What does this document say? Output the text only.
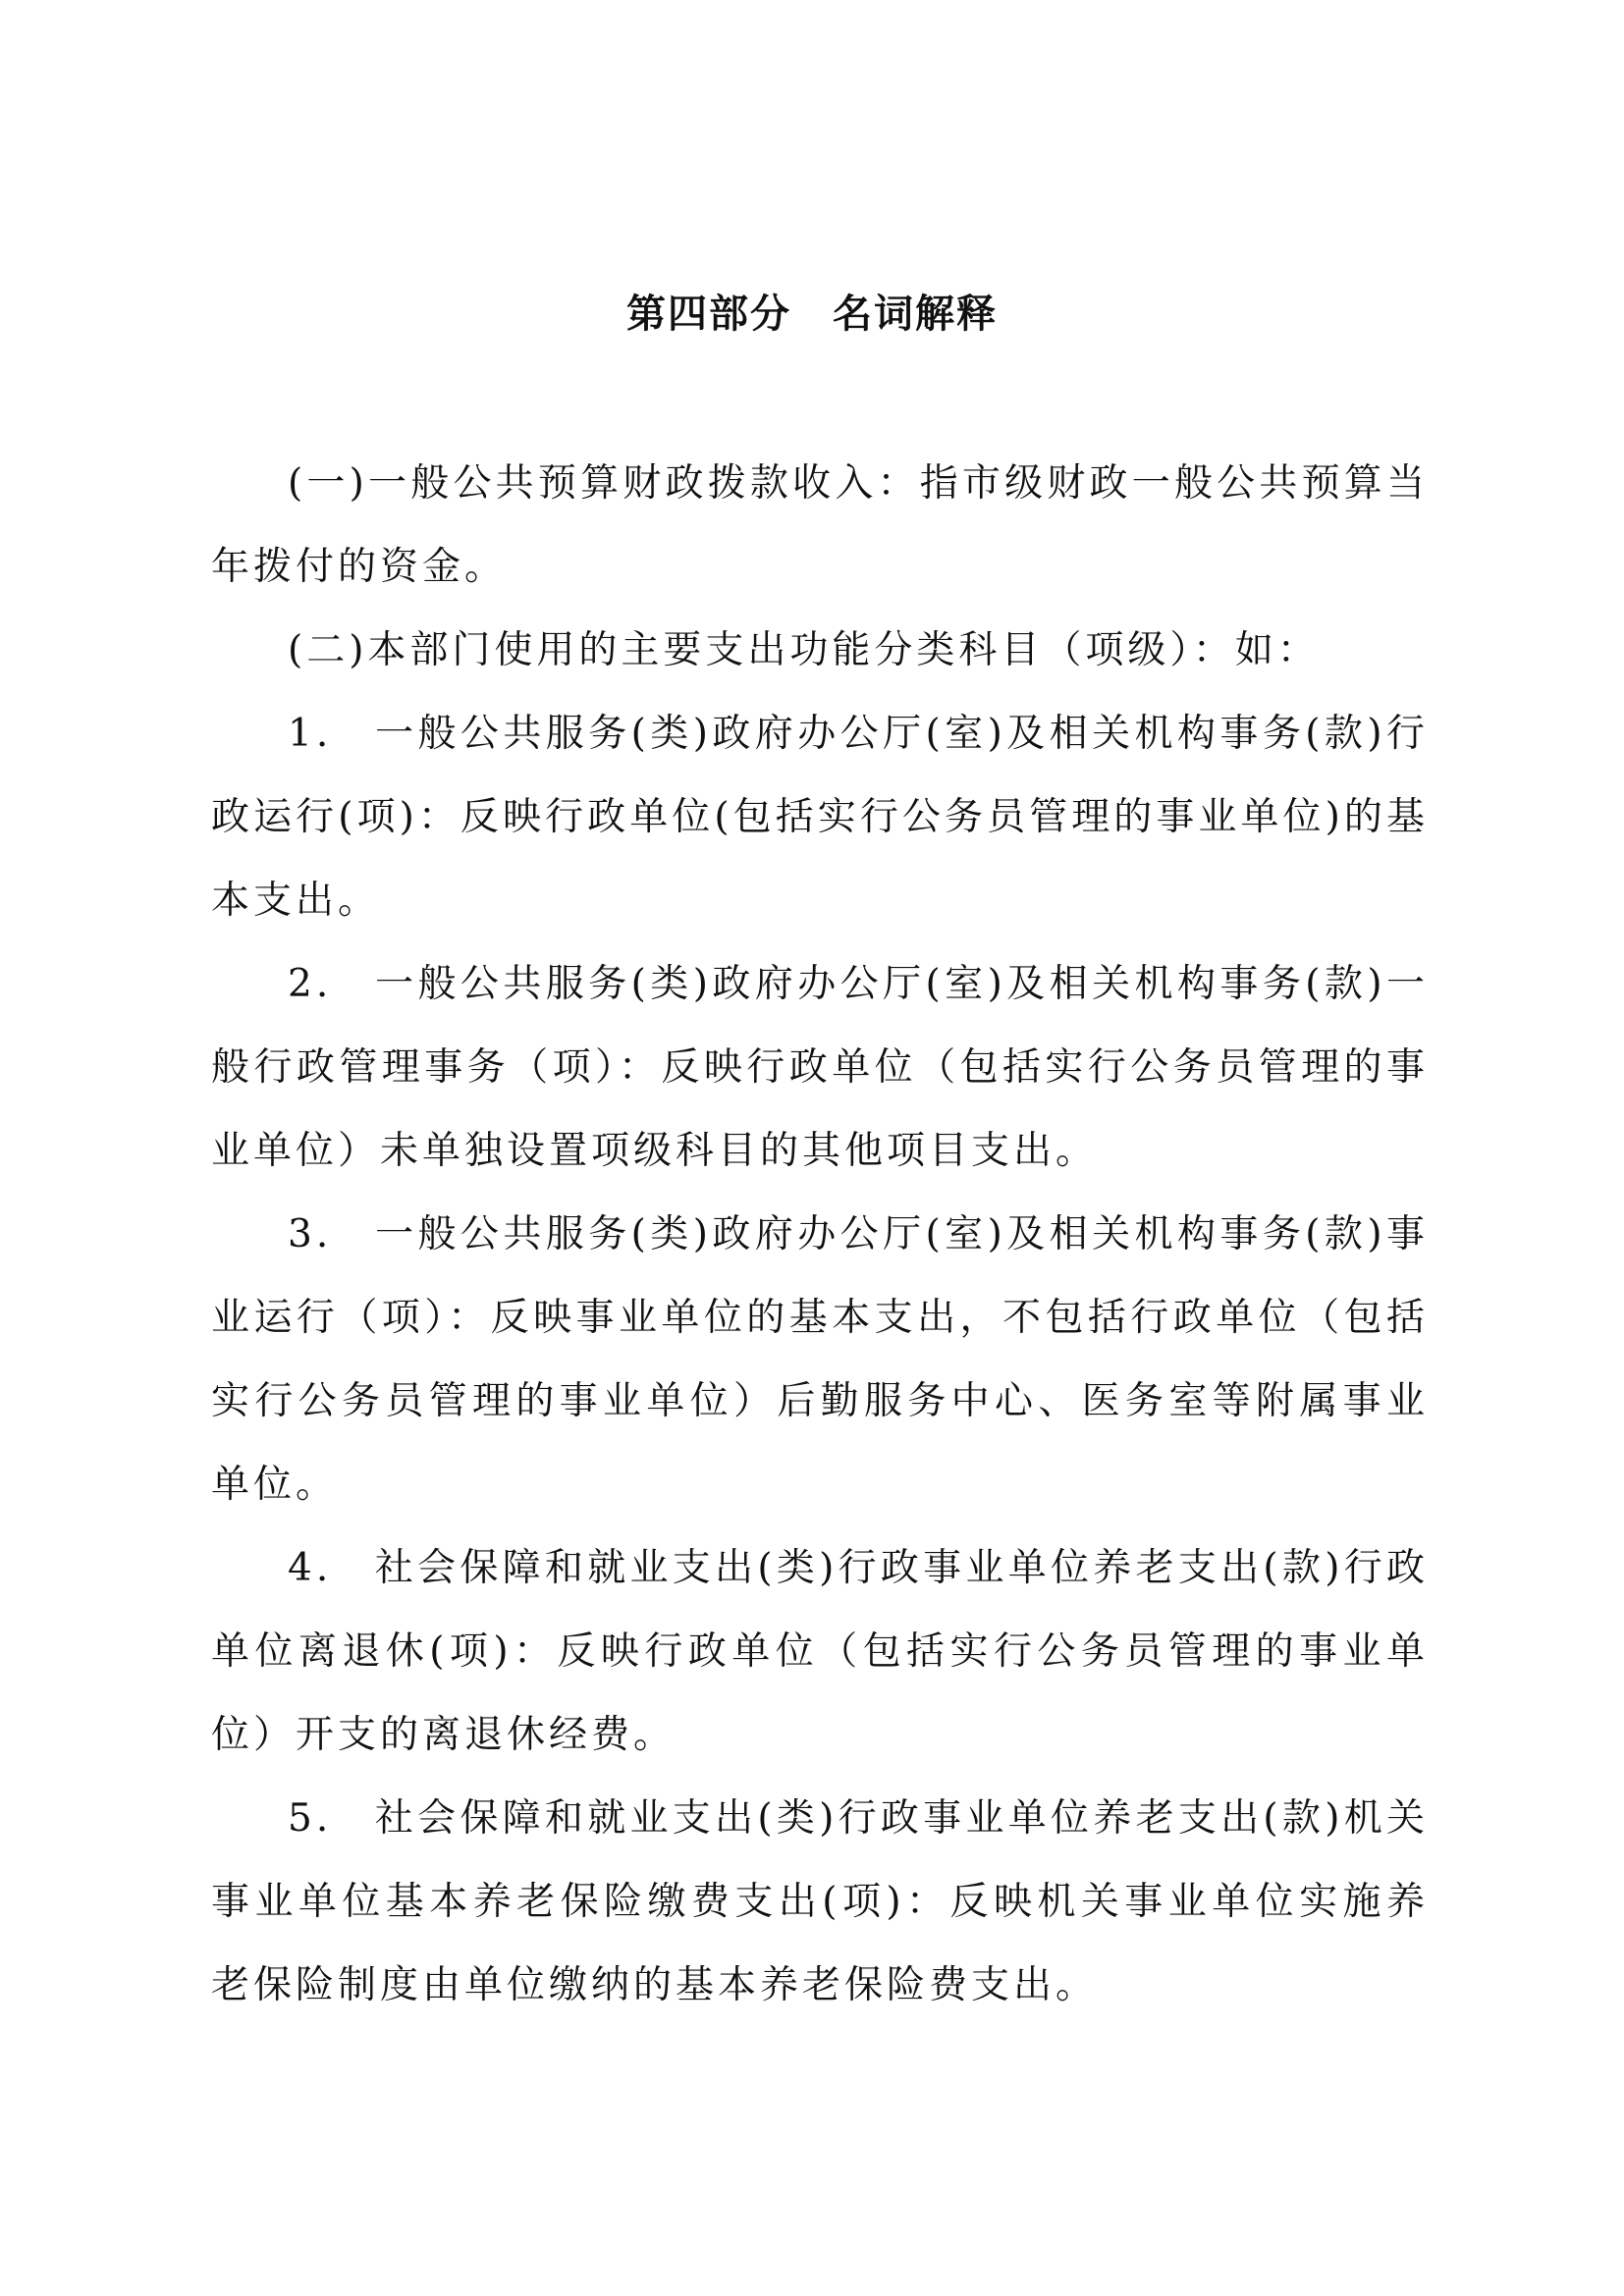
第四部分　名词解释

(一)一般公共预算财政拨款收入：指市级财政一般公共预算当年拨付的资金。

(二)本部门使用的主要支出功能分类科目（项级）：如：

1.　一般公共服务(类)政府办公厅(室)及相关机构事务(款)行政运行(项)：反映行政单位(包括实行公务员管理的事业单位)的基本支出。

2.　一般公共服务(类)政府办公厅(室)及相关机构事务(款)一般行政管理事务（项）：反映行政单位（包括实行公务员管理的事业单位）未单独设置项级科目的其他项目支出。

3.　一般公共服务(类)政府办公厅(室)及相关机构事务(款)事业运行（项）：反映事业单位的基本支出，不包括行政单位（包括实行公务员管理的事业单位）后勤服务中心、医务室等附属事业单位。

4.　社会保障和就业支出(类)行政事业单位养老支出(款)行政单位离退休(项)：反映行政单位（包括实行公务员管理的事业单位）开支的离退休经费。

5.　社会保障和就业支出(类)行政事业单位养老支出(款)机关事业单位基本养老保险缴费支出(项)：反映机关事业单位实施养老保险制度由单位缴纳的基本养老保险费支出。
